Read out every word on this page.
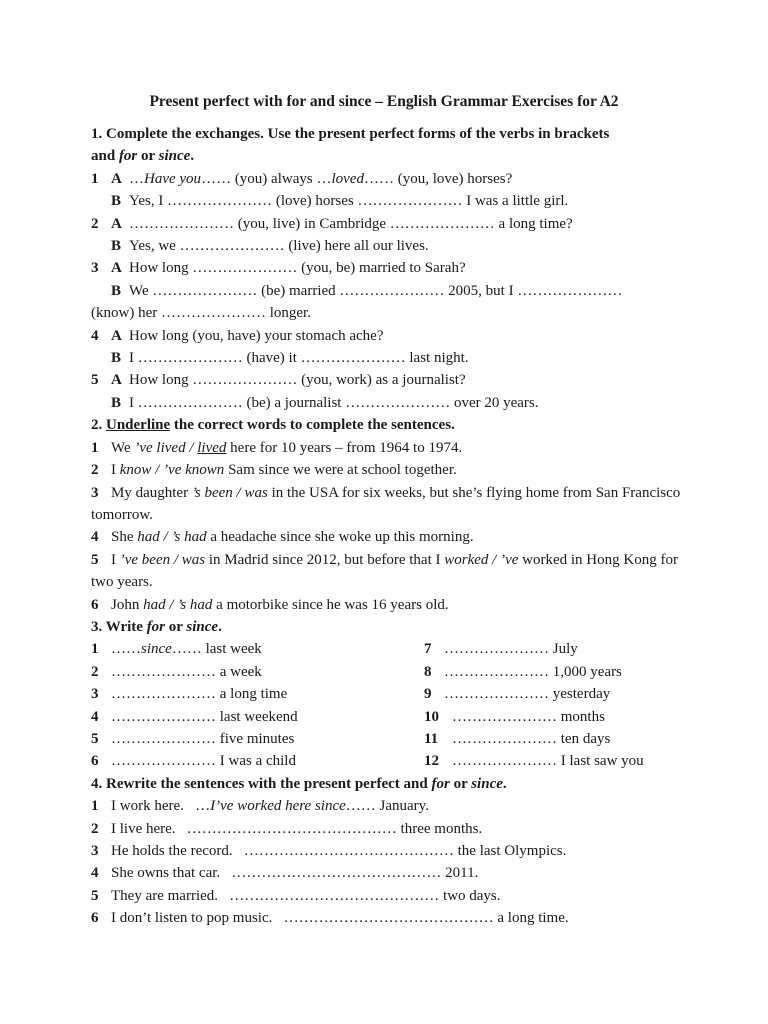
Present perfect with for and since – English Grammar Exercises for A2
1. Complete the exchanges. Use the present perfect forms of the verbs in brackets
and for or since.
1 A …Have you…… (you) always …loved…… (you, love) horses?
B Yes, I ………………… (love) horses ………………… I was a little girl.
2 A ………………… (you, live) in Cambridge ………………… a long time?
B Yes, we ………………… (live) here all our lives.
3 A How long ………………… (you, be) married to Sarah?
B We ………………… (be) married ………………… 2005, but I …………………
(know) her ………………… longer.
4 A How long (you, have) your stomach ache?
B I ………………… (have) it ………………… last night.
5 A How long ………………… (you, work) as a journalist?
B I ………………… (be) a journalist ………………… over 20 years.
2. Underline the correct words to complete the sentences.
1 We ’ve lived / lived here for 10 years – from 1964 to 1974.
2 I know / ’ve known Sam since we were at school together.
3 My daughter ’s been / was in the USA for six weeks, but she’s flying home from San Francisco tomorrow.
4 She had / ’s had a headache since she woke up this morning.
5 I ’ve been / was in Madrid since 2012, but before that I worked / ’ve worked in Hong Kong for two years.
6 John had / ’s had a motorbike since he was 16 years old.
3. Write for or since.
1 ……since…… last week
2 ………………… a week
3 ………………… a long time
4 ………………… last weekend
5 ………………… five minutes
6 ………………… I was a child
7 ………………… July
8 ………………… 1,000 years
9 ………………… yesterday
10 ………………… months
11 ………………… ten days
12 ………………… I last saw you
4. Rewrite the sentences with the present perfect and for or since.
1 I work here.   …I’ve worked here since…… January.
2 I live here.   …………………………………… three months.
3 He holds the record.   …………………………………… the last Olympics.
4 She owns that car.   …………………………………… 2011.
5 They are married.   …………………………………… two days.
6 I don’t listen to pop music.   …………………………………… a long time.
